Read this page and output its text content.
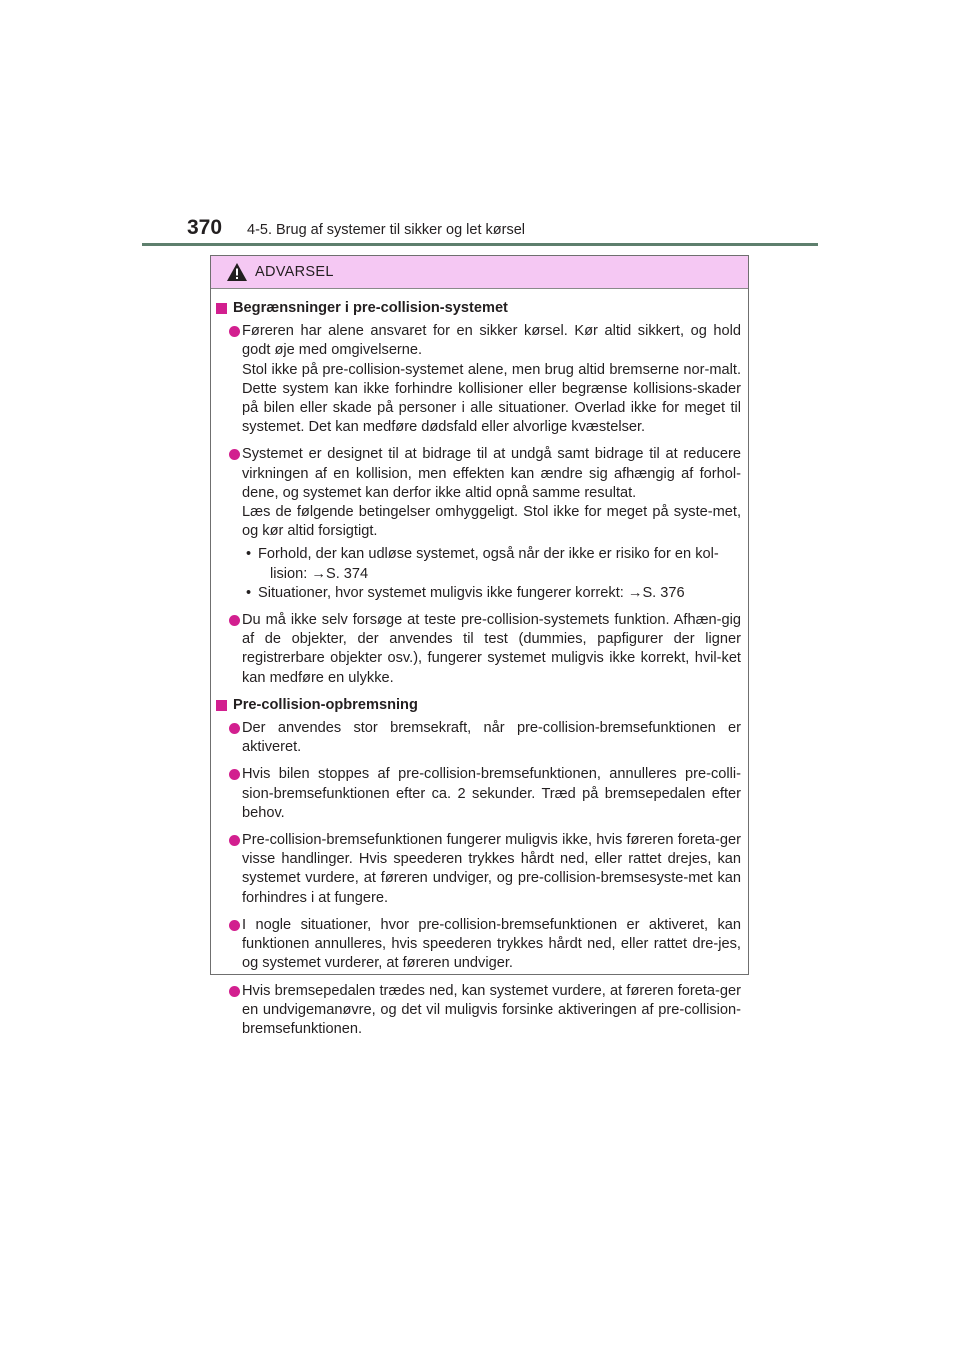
370 4-5. Brug af systemer til sikker og let kørsel
ADVARSEL
Begrænsninger i pre-collision-systemet
Føreren har alene ansvaret for en sikker kørsel. Kør altid sikkert, og hold godt øje med omgivelserne.
Stol ikke på pre-collision-systemet alene, men brug altid bremserne nor-malt. Dette system kan ikke forhindre kollisioner eller begrænse kollisions-skader på bilen eller skade på personer i alle situationer. Overlad ikke for meget til systemet. Det kan medføre dødsfald eller alvorlige kvæstelser.
Systemet er designet til at bidrage til at undgå samt bidrage til at reducere virkningen af en kollision, men effekten kan ændre sig afhængig af forhol-dene, og systemet kan derfor ikke altid opnå samme resultat.
Læs de følgende betingelser omhyggeligt. Stol ikke for meget på syste-met, og kør altid forsigtigt.
• Forhold, der kan udløse systemet, også når der ikke er risiko for en kol-
lision: →S. 374
• Situationer, hvor systemet muligvis ikke fungerer korrekt: →S. 376
Du må ikke selv forsøge at teste pre-collision-systemets funktion. Afhæn-gig af de objekter, der anvendes til test (dummies, papfigurer der ligner registrerbare objekter osv.), fungerer systemet muligvis ikke korrekt, hvil-ket kan medføre en ulykke.
Pre-collision-opbremsning
Der anvendes stor bremsekraft, når pre-collision-bremsefunktionen er aktiveret.
Hvis bilen stoppes af pre-collision-bremsefunktionen, annulleres pre-colli-sion-bremsefunktionen efter ca. 2 sekunder. Træd på bremsepedalen efter behov.
Pre-collision-bremsefunktionen fungerer muligvis ikke, hvis føreren foreta-ger visse handlinger. Hvis speederen trykkes hårdt ned, eller rattet drejes, kan systemet vurdere, at føreren undviger, og pre-collision-bremsesyste-met kan forhindres i at fungere.
I nogle situationer, hvor pre-collision-bremsefunktionen er aktiveret, kan funktionen annulleres, hvis speederen trykkes hårdt ned, eller rattet dre-jes, og systemet vurderer, at føreren undviger.
Hvis bremsepedalen trædes ned, kan systemet vurdere, at føreren foreta-ger en undvigemanøvre, og det vil muligvis forsinke aktiveringen af pre-collision-bremsefunktionen.
